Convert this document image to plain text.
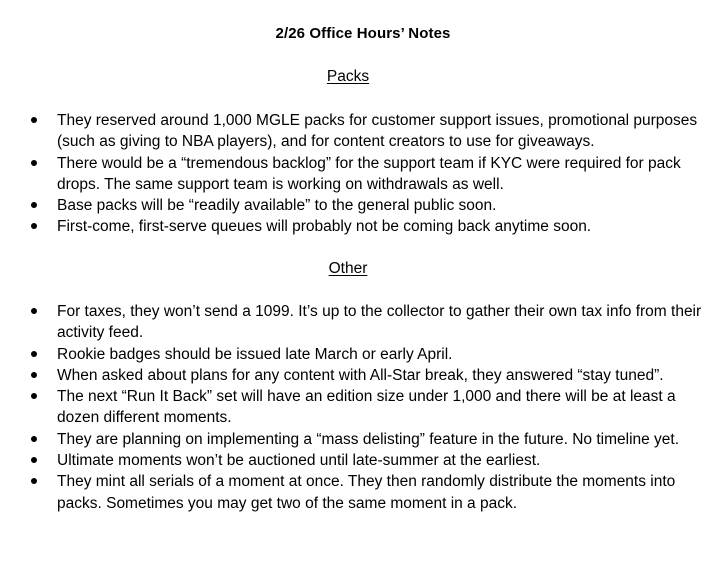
2/26 Office Hours’ Notes
Packs
They reserved around 1,000 MGLE packs for customer support issues, promotional purposes (such as giving to NBA players), and for content creators to use for giveaways.
There would be a “tremendous backlog” for the support team if KYC were required for pack drops. The same support team is working on withdrawals as well.
Base packs will be “readily available” to the general public soon.
First-come, first-serve queues will probably not be coming back anytime soon.
Other
For taxes, they won’t send a 1099. It’s up to the collector to gather their own tax info from their activity feed.
Rookie badges should be issued late March or early April.
When asked about plans for any content with All-Star break, they answered “stay tuned”.
The next “Run It Back” set will have an edition size under 1,000 and there will be at least a dozen different moments.
They are planning on implementing a “mass delisting” feature in the future. No timeline yet.
Ultimate moments won’t be auctioned until late-summer at the earliest.
They mint all serials of a moment at once. They then randomly distribute the moments into packs. Sometimes you may get two of the same moment in a pack.
